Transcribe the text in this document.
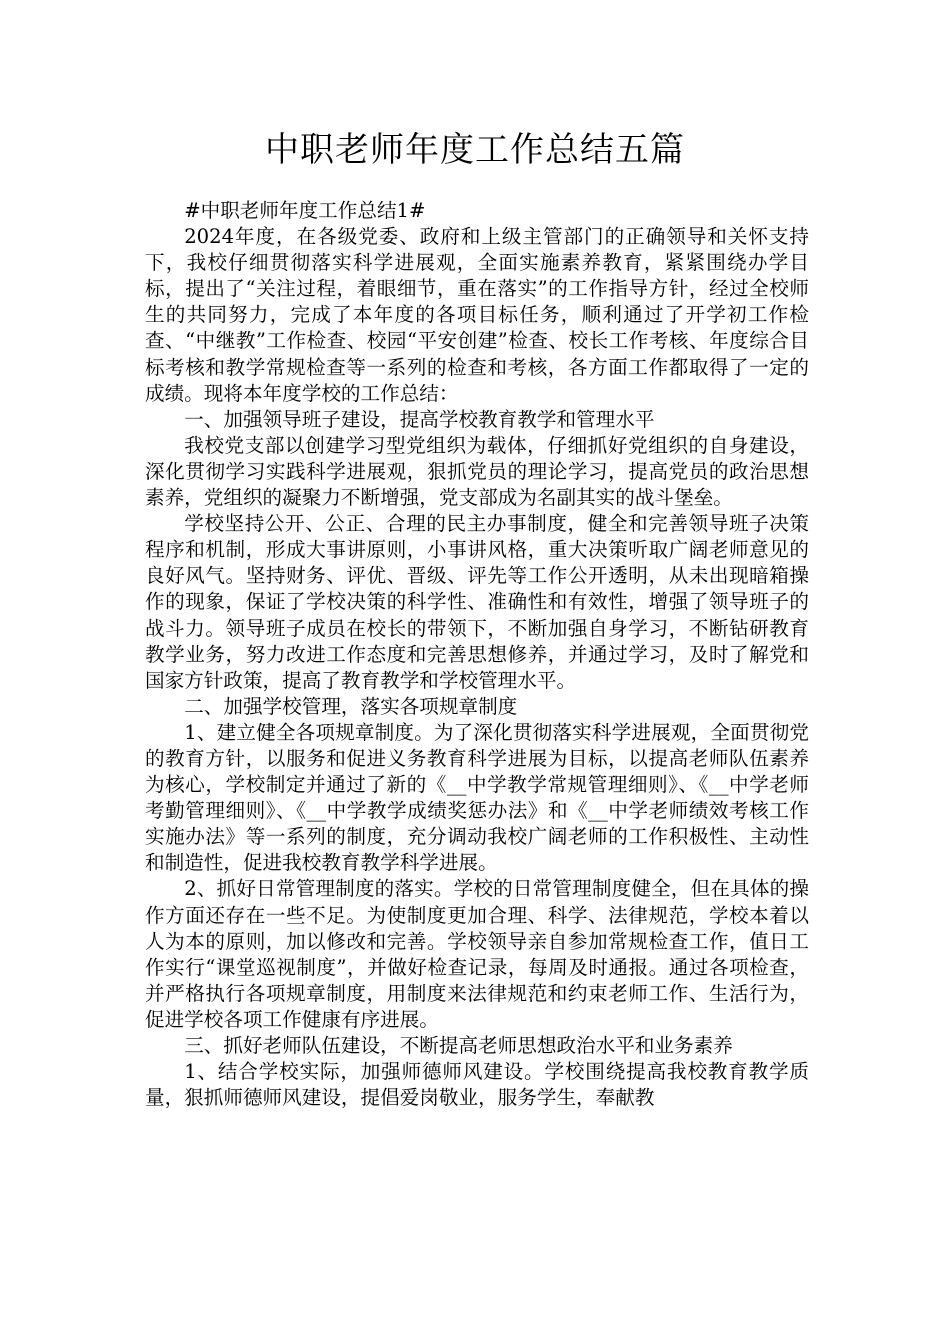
中职老师年度工作总结五篇

#中职老师年度工作总结1#

2024年度，在各级党委、政府和上级主管部门的正确领导和关怀支持下，我校仔细贯彻落实科学进展观，全面实施素养教育，紧紧围绕办学目标，提出了“关注过程，着眼细节，重在落实”的工作指导方针，经过全校师生的共同努力，完成了本年度的各项目标任务，顺利通过了开学初工作检查、“中继教”工作检查、校园“平安创建”检查、校长工作考核、年度综合目标考核和教学常规检查等一系列的检查和考核，各方面工作都取得了一定的成绩。现将本年度学校的工作总结：

一、加强领导班子建设，提高学校教育教学和管理水平

我校党支部以创建学习型党组织为载体，仔细抓好党组织的自身建设，深化贯彻学习实践科学进展观，狠抓党员的理论学习，提高党员的政治思想素养，党组织的凝聚力不断增强，党支部成为名副其实的战斗堡垒。

学校坚持公开、公正、合理的民主办事制度，健全和完善领导班子决策程序和机制，形成大事讲原则，小事讲风格，重大决策听取广阔老师意见的良好风气。坚持财务、评优、晋级、评先等工作公开透明，从未出现暗箱操作的现象，保证了学校决策的科学性、准确性和有效性，增强了领导班子的战斗力。领导班子成员在校长的带领下，不断加强自身学习，不断钻研教育教学业务，努力改进工作态度和完善思想修养，并通过学习，及时了解党和国家方针政策，提高了教育教学和学校管理水平。

二、加强学校管理，落实各项规章制度

1、建立健全各项规章制度。为了深化贯彻落实科学进展观，全面贯彻党的教育方针，以服务和促进义务教育科学进展为目标，以提高老师队伍素养为核心，学校制定并通过了新的《__中学教学常规管理细则》、《__中学老师考勤管理细则》、《__中学教学成绩奖惩办法》和《__中学老师绩效考核工作实施办法》等一系列的制度，充分调动我校广阔老师的工作积极性、主动性和制造性，促进我校教育教学科学进展。

2、抓好日常管理制度的落实。学校的日常管理制度健全，但在具体的操作方面还存在一些不足。为使制度更加合理、科学、法律规范，学校本着以人为本的原则，加以修改和完善。学校领导亲自参加常规检查工作，值日工作实行“课堂巡视制度”，并做好检查记录，每周及时通报。通过各项检查，并严格执行各项规章制度，用制度来法律规范和约束老师工作、生活行为，促进学校各项工作健康有序进展。

三、抓好老师队伍建设，不断提高老师思想政治水平和业务素养

1、结合学校实际，加强师德师风建设。学校围绕提高我校教育教学质量，狠抓师德师风建设，提倡爱岗敬业，服务学生，奉献教
